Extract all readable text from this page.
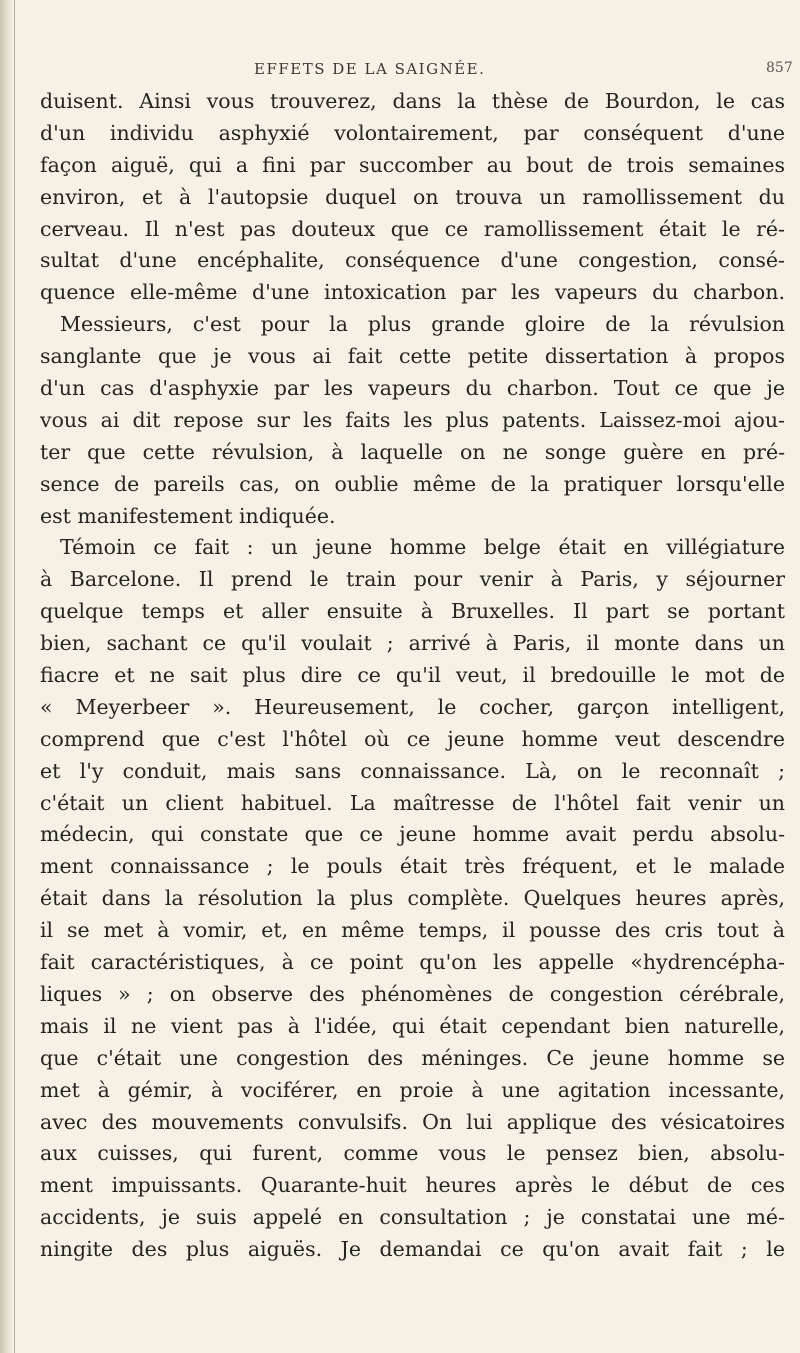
EFFETS DE LA SAIGNÉE.	857
duisent. Ainsi vous trouverez, dans la thèse de Bourdon, le cas
d'un individu asphyxié volontairement, par conséquent d'une
façon aiguë, qui a fini par succomber au bout de trois semaines
environ, et à l'autopsie duquel on trouva un ramollissement du
cerveau. Il n'est pas douteux que ce ramollissement était le ré-
sultat d'une encéphalite, conséquence d'une congestion, consé-
quence elle-même d'une intoxication par les vapeurs du charbon.
Messieurs, c'est pour la plus grande gloire de la révulsion
sanglante que je vous ai fait cette petite dissertation à propos
d'un cas d'asphyxie par les vapeurs du charbon. Tout ce que je
vous ai dit repose sur les faits les plus patents. Laissez-moi ajou-
ter que cette révulsion, à laquelle on ne songe guère en pré-
sence de pareils cas, on oublie même de la pratiquer lorsqu'elle
est manifestement indiquée.
Témoin ce fait : un jeune homme belge était en villégiature
à Barcelone. Il prend le train pour venir à Paris, y séjourner
quelque temps et aller ensuite à Bruxelles. Il part se portant
bien, sachant ce qu'il voulait ; arrivé à Paris, il monte dans un
fiacre et ne sait plus dire ce qu'il veut, il bredouille le mot de
« Meyerbeer ». Heureusement, le cocher, garçon intelligent,
comprend que c'est l'hôtel où ce jeune homme veut descendre
et l'y conduit, mais sans connaissance. Là, on le reconnaît ;
c'était un client habituel. La maîtresse de l'hôtel fait venir un
médecin, qui constate que ce jeune homme avait perdu absolu-
ment connaissance ; le pouls était très fréquent, et le malade
était dans la résolution la plus complète. Quelques heures après,
il se met à vomir, et, en même temps, il pousse des cris tout à
fait caractéristiques, à ce point qu'on les appelle «hydrencépha-
liques » ; on observe des phénomènes de congestion cérébrale,
mais il ne vient pas à l'idée, qui était cependant bien naturelle,
que c'était une congestion des méninges. Ce jeune homme se
met à gémir, à vociférer, en proie à une agitation incessante,
avec des mouvements convulsifs. On lui applique des vésicatoires
aux cuisses, qui furent, comme vous le pensez bien, absolu-
ment impuissants. Quarante-huit heures après le début de ces
accidents, je suis appelé en consultation ; je constatai une mé-
ningite des plus aiguës. Je demandai ce qu'on avait fait ; le
